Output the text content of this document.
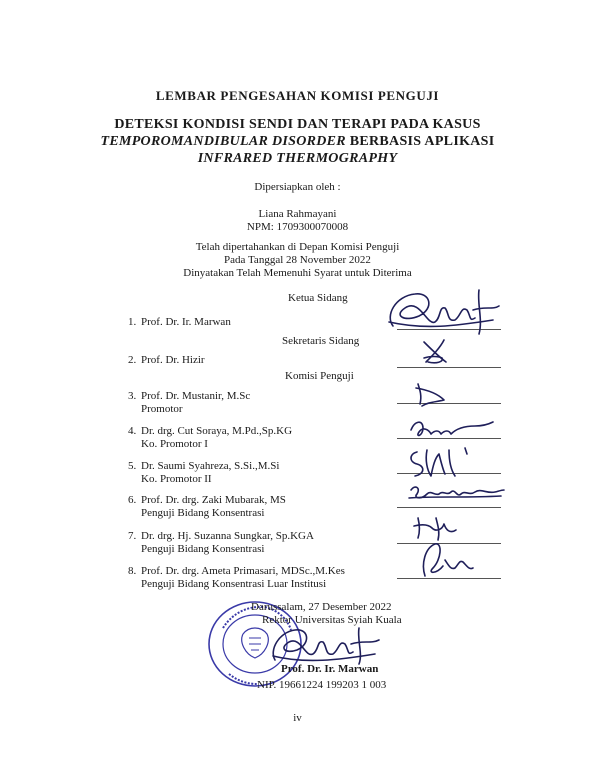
LEMBAR PENGESAHAN KOMISI PENGUJI
DETEKSI KONDISI SENDI DAN TERAPI PADA KASUS
TEMPOROMANDIBULAR DISORDER BERBASIS APLIKASI
INFRARED THERMOGRAPHY
Dipersiapkan oleh :
Liana Rahmayani
NPM: 1709300070008
Telah dipertahankan di Depan Komisi Penguji
Pada Tanggal 28 November 2022
Dinyatakan Telah Memenuhi Syarat untuk Diterima
Ketua Sidang
Sekretaris Sidang
Komisi Penguji
1. Prof. Dr. Ir. Marwan
2. Prof. Dr. Hizir
3. Prof. Dr. Mustanir, M.Sc
Promotor
4. Dr. drg. Cut Soraya, M.Pd.,Sp.KG
Ko. Promotor I
5. Dr. Saumi Syahreza, S.Si.,M.Si
Ko. Promotor II
6. Prof. Dr. drg. Zaki Mubarak, MS
Penguji Bidang Konsentrasi
7. Dr. drg. Hj. Suzanna Sungkar, Sp.KGA
Penguji Bidang Konsentrasi
8. Prof. Dr. drg. Ameta Primasari, MDSc.,M.Kes
Penguji Bidang Konsentrasi Luar Institusi
Darussalam, 27 Desember 2022
Rektor Universitas Syiah Kuala
Prof. Dr. Ir. Marwan
NIP. 19661224 199203 1 003
iv
